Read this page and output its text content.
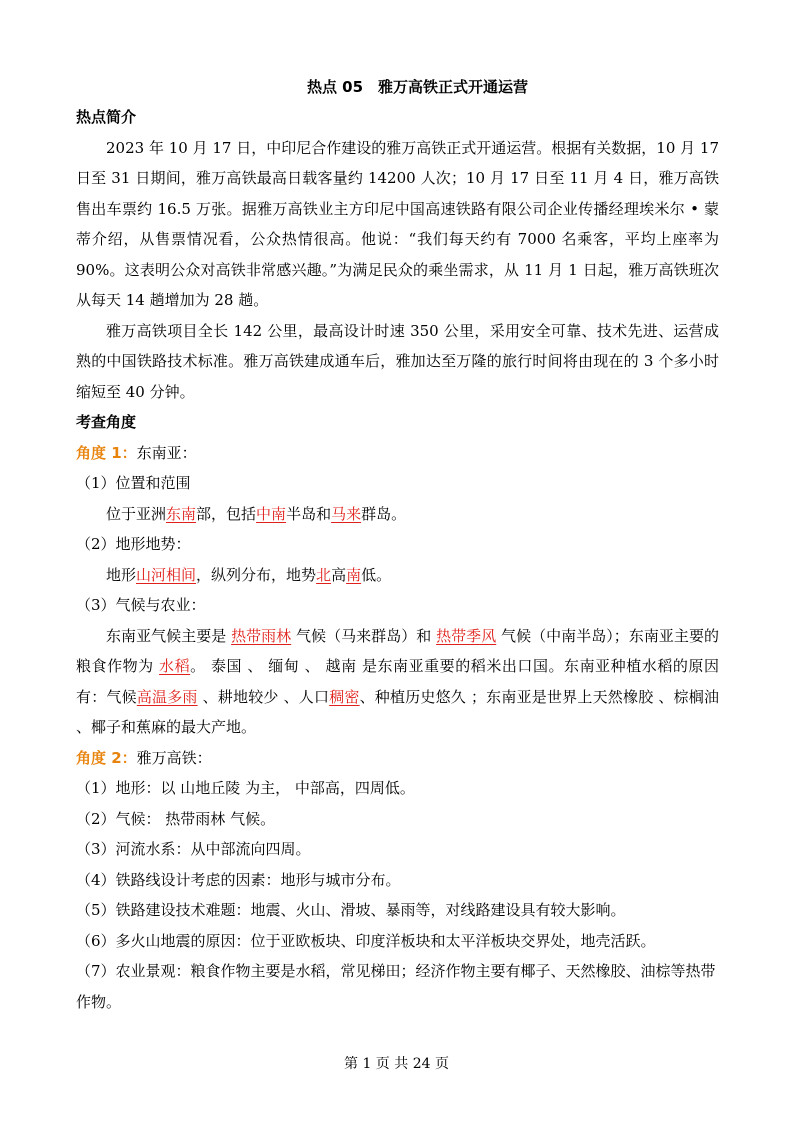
热点 05　雅万高铁正式开通运营
热点简介
2023 年 10 月 17 日，中印尼合作建设的雅万高铁正式开通运营。根据有关数据，10 月 17 日至 31 日期间，雅万高铁最高日载客量约 14200 人次；10 月 17 日至 11 月 4 日，雅万高铁售出车票约 16.5 万张。据雅万高铁业主方印尼中国高速铁路有限公司企业传播经理埃米尔 • 蒙蒂介绍，从售票情况看，公众热情很高。他说：“我们每天约有 7000 名乘客，平均上座率为 90%。这表明公众对高铁非常感兴趣。”为满足民众的乘坐需求，从 11 月 1 日起，雅万高铁班次从每天 14 趟增加为 28 趟。
雅万高铁项目全长 142 公里，最高设计时速 350 公里，采用安全可靠、技术先进、运营成熟的中国铁路技术标准。雅万高铁建成通车后，雅加达至万隆的旅行时间将由现在的 3 个多小时缩短至 40 分钟。
考查角度
角度 1：东南亚：
（1）位置和范围
位于亚洲东南部，包括中南半岛和马来群岛。
（2）地形地势：
地形山河相间，纵列分布，地势北高南低。
（3）气候与农业：
东南亚气候主要是 热带雨林 气候（马来群岛）和 热带季风 气候（中南半岛）；东南亚主要的粮食作物为 水稻。 泰国 、 缅甸 、 越南 是东南亚重要的稻米出口国。东南亚种植水稻的原因有：气候高温多雨 、耕地较少 、人口稠密、种植历史悠久 ；东南亚是世界上天然橡胶 、棕榈油 、椰子和蕉麻的最大产地。
角度 2：雅万高铁：
（1）地形：以 山地丘陵 为主， 中部高，四周低。
（2）气候： 热带雨林 气候。
（3）河流水系：从中部流向四周。
（4）铁路线设计考虑的因素：地形与城市分布。
（5）铁路建设技术难题：地震、火山、滑坡、暴雨等，对线路建设具有较大影响。
（6）多火山地震的原因：位于亚欧板块、印度洋板块和太平洋板块交界处，地壳活跃。
（7）农业景观：粮食作物主要是水稻，常见梯田；经济作物主要有椰子、天然橡胶、油棕等热带作物。
第 1 页 共 24 页
